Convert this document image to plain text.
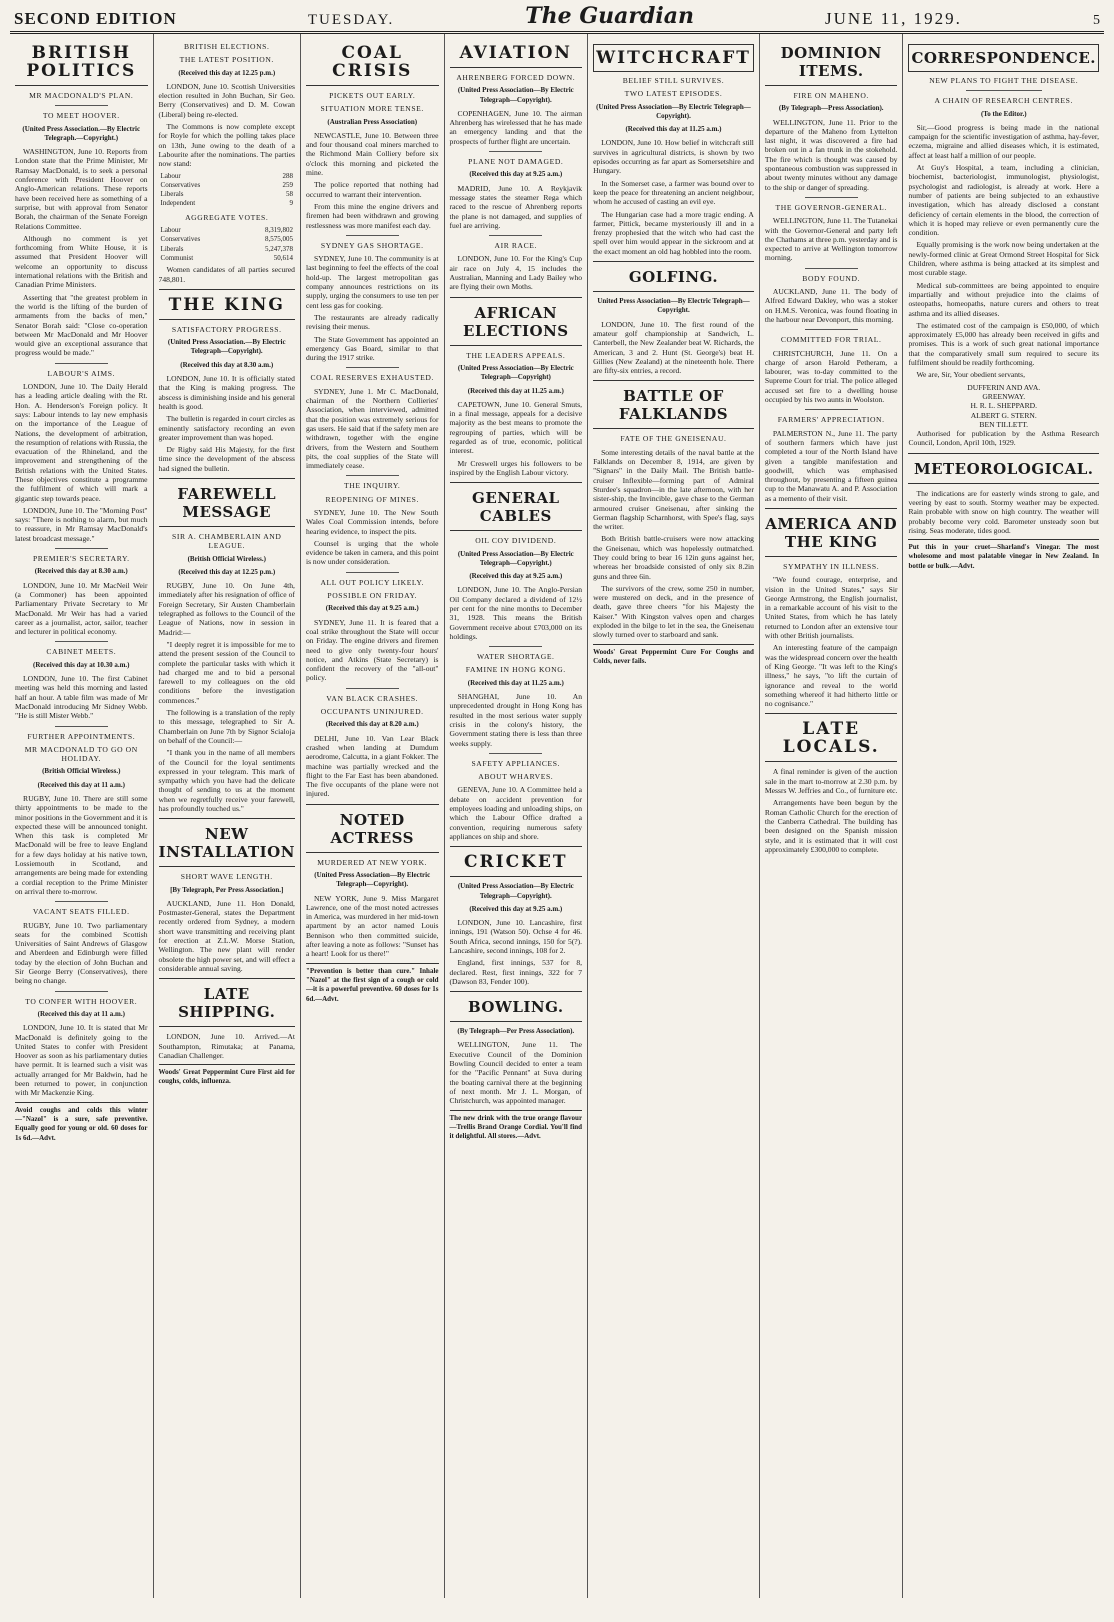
SECOND EDITION	TUESDAY.	The Guardian	JUNE 11, 1929.	5
BRITISH POLITICS
MR MACDONALD'S PLAN.
TO MEET HOOVER.
(United Press Association.—By Electric Telegraph.—Copyright.)

WASHINGTON, June 10. Reports from London state that the Prime Minister, Mr Ramsay MacDonald, is to seek a personal conference with President Hoover on Anglo-American relations. These reports have been received here as something of a surprise, but with approval from Senator Borah, the chairman of the Senate Foreign Relations Committee.

Although no comment is yet forthcoming from White House, it is assumed that President Hoover will welcome an opportunity to discuss international relations with the British and Canadian Prime Ministers.

Asserting that "the greatest problem in the world is the lifting of the burden of armaments from the backs of men," Senator Borah said: "Close co-operation between Mr MacDonald and Mr Hoover would give an exceptional assurance that progress would be made."

LABOUR'S AIMS.

LONDON, June 10. The Daily Herald has a leading article dealing with the Rt. Hon. A. Henderson's Foreign policy. It says: Labour intends to lay new emphasis on the importance of the League of Nations, the development of arbitration, the resumption of relations with Russia, the evacuation of the Rhineland, and the improvement and strengthening of the British relations with the United States. These objectives constitute a programme the fulfilment of which will mark a gigantic step towards peace.

LONDON, June 10. The "Morning Post" says: "There is nothing to alarm, but much to reassure, in Mr Ramsay MacDonald's latest broadcast message."

PREMIER'S SECRETARY.
(Received this day at 8.30 a.m.)

LONDON, June 10. Mr MacNeil Weir (a Commoner) has been appointed Parliamentary Private Secretary to Mr MacDonald. Mr Weir has had a varied career as a journalist, actor, sailor, teacher and lecturer in political economy.

CABINET MEETS.
(Received this day at 10.30 a.m.)

LONDON, June 10. The first Cabinet meeting was held this morning and lasted half an hour. A table film was made of Mr MacDonald introducing Mr Sidney Webb. "He is still Mister Webb."

FURTHER APPOINTMENTS.
MR MACDONALD TO GO ON HOLIDAY.
(British Official Wireless.)
(Received this day at 11 a.m.)

RUGBY, June 10. There are still some thirty appointments to be made to the minor positions in the Government and it is expected these will be announced tonight. When this task is completed Mr MacDonald will be free to leave England for a few days holiday at his native town, Lossiemouth in Scotland, and arrangements are being made for extending a cordial reception to the Prime Minister on arrival there to-morrow.

VACANT SEATS FILLED.

RUGBY, June 10. Two parliamentary seats for the combined Scottish Universities of Saint Andrews of Glasgow and Aberdeen and Edinburgh were filled today by the election of John Buchan and Sir George Berry (Conservatives), there being no change.

TO CONFER WITH HOOVER.
(Received this day at 11 a.m.)

LONDON, June 10. It is stated that Mr MacDonald is definitely going to the United States to confer with President Hoover as soon as his parliamentary duties have permit. It is learned such a visit was actually arranged for Mr Baldwin, had he been returned to power, in conjunction with Mr Mackenzie King.

Avoid coughs and colds this winter—"Nazol" is a sure, safe preventive. Equally good for young or old. 60 doses for 1s 6d.—Advt.

BRITISH ELECTIONS.
THE LATEST POSITION.
(Received this day at 12.25 p.m.)

LONDON, June 10. Scottish Universities election resulted in John Buchan, Sir Geo. Berry (Conservatives) and D. M. Cowan (Liberal) being re-elected.

The Commons is now complete except for Royle for which the polling takes place on 13th, June owing to the death of a Labourite after the nominations. The parties now stand:

Labour	288
Conservatives	259
Liberals	58
Independent	9
AGGREGATE VOTES.
Labour	8,319,802
Conservatives	8,575,005
Liberals	5,247,378
Communist	50,614

Women candidates of all parties secured 748,801.

THE KING
SATISFACTORY PROGRESS.
(United Press Association.—By Electric Telegraph—Copyright).
(Received this day at 8.30 a.m.)

LONDON, June 10. It is officially stated that the King is making progress. The abscess is diminishing inside and his general health is good.

The bulletin is regarded in court circles as eminently satisfactory recording an even greater improvement than was hoped.

Dr Rigby said His Majesty, for the first time since the development of the abscess had signed the bulletin.

FAREWELL MESSAGE
SIR A. CHAMBERLAIN AND LEAGUE.
(British Official Wireless.)
(Received this day at 12.25 p.m.)

RUGBY, June 10. On June 4th, immediately after his resignation of office of Foreign Secretary, Sir Austen Chamberlain telegraphed as follows to the Council of the League of Nations, now in session in Madrid:—

"I deeply regret it is impossible for me to attend the present session of the Council to complete the particular tasks with which it had charged me and to bid a personal farewell to my colleagues on the old conditions before the investigation commences."

The following is a translation of the reply to this message, telegraphed to Sir A. Chamberlain on June 7th by Signor Scialoja on behalf of the Council:—

"I thank you in the name of all members of the Council for the loyal sentiments expressed in your telegram. This mark of sympathy which you have had the delicate thought of sending to us at the moment when we regretfully receive your farewell, has profoundly touched us."

NEW INSTALLATION
SHORT WAVE LENGTH.
[By Telegraph, Per Press Association.]

AUCKLAND, June 11. Hon Donald, Postmaster-General, states the Department recently ordered from Sydney, a modern short wave transmitting and receiving plant for erection at Z.L.W. Morse Station, Wellington. The new plant will render obsolete the high power set, and will effect a considerable annual saving.

LATE SHIPPING.

LONDON, June 10. Arrived.—At Southampton, Rimutaka; at Panama, Canadian Challenger.

Woods' Great Peppermint Cure First aid for coughs, colds, influenza.

COAL CRISIS
PICKETS OUT EARLY.
SITUATION MORE TENSE.
(Australian Press Association)

NEWCASTLE, June 10. Between three and four thousand coal miners marched to the Richmond Main Colliery before six o'clock this morning and picketed the mine.

The police reported that nothing had occurred to warrant their intervention.

From this mine the engine drivers and firemen had been withdrawn and growing restlessness was more manifest each day.

SYDNEY GAS SHORTAGE.

SYDNEY, June 10. The community is at last beginning to feel the effects of the coal hold-up. The largest metropolitan gas company announces restrictions on its supply, urging the consumers to use ten per cent less gas for cooking.

The restaurants are already radically revising their menus.

The State Government has appointed an emergency Gas Board, similar to that during the 1917 strike.

COAL RESERVES EXHAUSTED.

SYDNEY, June 1. Mr C. MacDonald, chairman of the Northern Collieries' Association, when interviewed, admitted that the position was extremely serious for gas users. He said that if the safety men are withdrawn, together with the engine drivers, from the Western and Southern pits, the coal supplies of the State will immediately cease.

THE INQUIRY.
REOPENING OF MINES.

SYDNEY, June 10. The New South Wales Coal Commission intends, before hearing evidence, to inspect the pits.

Counsel is urging that the whole evidence be taken in camera, and this point is now under consideration.

ALL OUT POLICY LIKELY.
POSSIBLE ON FRIDAY.
(Received this day at 9.25 a.m.)

SYDNEY, June 11. It is feared that a coal strike throughout the State will occur on Friday. The engine drivers and firemen need to give only twenty-four hours' notice, and Atkins (State Secretary) is confident the recovery of the "all-out" policy.

VAN BLACK CRASHES.
OCCUPANTS UNINJURED.
(Received this day at 8.20 a.m.)

DELHI, June 10. Van Lear Black crashed when landing at Dumdum aerodrome, Calcutta, in a giant Fokker. The machine was partially wrecked and the flight to the Far East has been abandoned. The five occupants of the plane were not injured.

NOTED ACTRESS
MURDERED AT NEW YORK.
(United Press Association—By Electric Telegraph—Copyright).

NEW YORK, June 9. Miss Margaret Lawrence, one of the most noted actresses in America, was murdered in her mid-town apartment by an actor named Louis Bennison who then committed suicide, after leaving a note as follows: "Sunset has a heart! Look for us there!"

"Prevention is better than cure." Inhale "Nazol" at the first sign of a cough or cold—it is a powerful preventive. 60 doses for 1s 6d.—Advt.

AVIATION
AHRENBERG FORCED DOWN.
(United Press Association—By Electric Telegraph—Copyright).

COPENHAGEN, June 10. The airman Ahrenberg has wirelessed that he has made an emergency landing and that the prospects of further flight are uncertain.

PLANE NOT DAMAGED.
(Received this day at 9.25 a.m.)

MADRID, June 10. A Reykjavik message states the steamer Rega which raced to the rescue of Ahrenberg reports the plane is not damaged, and supplies of fuel are arriving.

AIR RACE.

LONDON, June 10. For the King's Cup air race on July 4, 15 includes the Australian, Manning and Lady Bailey who are flying their own Moths.

AFRICAN ELECTIONS
THE LEADERS APPEALS.
(United Press Association—By Electric Telegraph—Copyright)
(Received this day at 11.25 a.m.)

CAPETOWN, June 10. General Smuts, in a final message, appeals for a decisive majority as the best means to promote the regrouping of parties, which will be regarded as of true, economic, political interest.

Mr Creswell urges his followers to be inspired by the English Labour victory.

GENERAL CABLES
OIL COY DIVIDEND.
(United Press Association—By Electric Telegraph—Copyright.)
(Received this day at 9.25 a.m.)

LONDON, June 10. The Anglo-Persian Oil Company declared a dividend of 12½ per cent for the nine months to December 31, 1928. This means the British Government receive about £703,000 on its holdings.

WATER SHORTAGE.
FAMINE IN HONG KONG.
(Received this day at 11.25 a.m.)

SHANGHAI, June 10. An unprecedented drought in Hong Kong has resulted in the most serious water supply crisis in the colony's history, the Government stating there is less than three weeks supply.

SAFETY APPLIANCES.
ABOUT WHARVES.

GENEVA, June 10. A Committee held a debate on accident prevention for employees loading and unloading ships, on which the Labour Office drafted a convention, requiring numerous safety appliances on ship and shore.

CRICKET
(United Press Association—By Electric Telegraph—Copyright).
(Received this day at 9.25 a.m.)

LONDON, June 10. Lancashire, first innings, 191 (Watson 50). Ochse 4 for 46. South Africa, second innings, 150 for 5(?). Lancashire, second innings, 108 for 2.

England, first innings, 537 for 8, declared. Rest, first innings, 322 for 7 (Dawson 83, Fender 100).

BOWLING.
(By Telegraph—Per Press Association).

WELLINGTON, June 11. The Executive Council of the Dominion Bowling Council decided to enter a team for the "Pacific Pennant" at Suva during the boating carnival there at the beginning of next month. Mr J. L. Morgan, of Christchurch, was appointed manager.

The new drink with the true orange flavour—Trellis Brand Orange Cordial. You'll find it delightful. All stores.—Advt.

WITCHCRAFT
BELIEF STILL SURVIVES.
TWO LATEST EPISODES.
(United Press Association—By Electric Telegraph—Copyright).
(Received this day at 11.25 a.m.)

LONDON, June 10. How belief in witchcraft still survives in agricultural districts, is shown by two episodes occurring as far apart as Somersetshire and Hungary.

In the Somerset case, a farmer was bound over to keep the peace for threatening an ancient neighbour, whom he accused of casting an evil eye.

The Hungarian case had a more tragic ending. A farmer, Pittick, became mysteriously ill and in a frenzy prophesied that the witch who had cast the spell over him would appear in the sickroom and at the exact moment an old hag hobbled into the room.

GOLFING.
United Press Association—By Electric Telegraph—Copyright.

LONDON, June 10. The first round of the amateur golf championship at Sandwich, L. Canterbell, the New Zealander beat W. Richards, the American, 3 and 2. Hunt (St. George's) beat H. Gillies (New Zealand) at the nineteenth hole. There are fifty-six entries, a record.

BATTLE OF FALKLANDS
FATE OF THE GNEISENAU.

Some interesting details of the naval battle at the Falklands on December 8, 1914, are given by "Signars" in the Daily Mail. The British battle-cruiser Inflexible—forming part of Admiral Sturdee's squadron—in the late afternoon, with her sister-ship, the Invincible, gave chase to the German armoured cruiser Gneisenau, after sinking the German flagship Scharnhorst, with Spee's flag, says the writer.

Both British battle-cruisers were now attacking the Gneisenau, which was hopelessly outmatched. They could bring to bear 16 12in guns against her, whereas her broadside consisted of only six 8.2in guns and three 6in.

The survivors of the crew, some 250 in number, were mustered on deck, and in the presence of death, gave three cheers "for his Majesty the Kaiser." With Kingston valves open and charges exploded in the bilge to let in the sea, the Gneisenau slowly turned over to starboard and sank.

Woods' Great Peppermint Cure For Coughs and Colds, never fails.

DOMINION ITEMS.
FIRE ON MAHENO.
(By Telegraph—Press Association).

WELLINGTON, June 11. Prior to the departure of the Maheno from Lyttelton last night, it was discovered a fire had broken out in a fan trunk in the stokehold. The fire which is thought was caused by spontaneous combustion was suppressed in about twenty minutes without any damage to the ship or danger of spreading.

THE GOVERNOR-GENERAL.

WELLINGTON, June 11. The Tutanekai with the Governor-General and party left the Chathams at three p.m. yesterday and is expected to arrive at Wellington tomorrow morning.

BODY FOUND.

AUCKLAND, June 11. The body of Alfred Edward Dakley, who was a stoker on H.M.S. Veronica, was found floating in the harbour near Devonport, this morning.

COMMITTED FOR TRIAL.

CHRISTCHURCH, June 11. On a charge of arson Harold Petheram, a labourer, was to-day committed to the Supreme Court for trial. The police alleged accused set fire to a dwelling house occupied by his two aunts in Woolston.

FARMERS' APPRECIATION.

PALMERSTON N., June 11. The party of southern farmers which have just completed a tour of the North Island have given a tangible manifestation and goodwill, which was emphasised throughout, by presenting a fifteen guinea cup to the Manawatu A. and P. Association as a memento of their visit.

AMERICA AND THE KING
SYMPATHY IN ILLNESS.

"We found courage, enterprise, and vision in the United States," says Sir George Armstrong, the English journalist, in a remarkable account of his visit to the United States, from which he has lately returned to London after an extensive tour with other British journalists.

An interesting feature of the campaign was the widespread concern over the health of King George. "It was left to the King's illness," he says, "to lift the curtain of ignorance and reveal to the world something whereof it had hitherto little or no cognisance."

LATE LOCALS.

A final reminder is given of the auction sale in the mart to-morrow at 2.30 p.m. by Messrs W. Jeffries and Co., of furniture etc.

Arrangements have been begun by the Roman Catholic Church for the erection of the Canberra Cathedral. The building has been designed on the Spanish mission style, and it is estimated that it will cost approximately £300,000 to complete.

CORRESPONDENCE.
NEW PLANS TO FIGHT THE DISEASE.
A CHAIN OF RESEARCH CENTRES.
(To the Editor.)

Sir,—Good progress is being made in the national campaign for the scientific investigation of asthma, hay-fever, eczema, migraine and allied diseases which, it is estimated, affect at least half a million of our people.

At Guy's Hospital, a team, including a clinician, biochemist, bacteriologist, immunologist, physiologist, psychologist and radiologist, is already at work. Here a number of patients are being subjected to an exhaustive investigation, which has already disclosed a constant deficiency of certain elements in the blood, the correction of which it is hoped may relieve or even permanently cure the condition.

Equally promising is the work now being undertaken at the newly-formed clinic at Great Ormond Street Hospital for Sick Children, where asthma is being attacked at its simplest and most curable stage.

Medical sub-committees are being appointed to enquire impartially and without prejudice into the claims of osteopaths, homeopaths, nature curers and others to treat asthma and its allied diseases.

The estimated cost of the campaign is £50,000, of which approximately £5,000 has already been received in gifts and promises. This is a work of such great national importance that the comparatively small sum required to secure its fulfilment should be readily forthcoming.

We are, Sir, Your obedient servants,

DUFFERIN AND AVA.

GREENWAY.

H. R. L. SHEPPARD.

ALBERT G. STERN.

BEN TILLETT.

Authorised for publication by the Asthma Research Council, London, April 10th, 1929.

METEOROLOGICAL.

The indications are for easterly winds strong to gale, and veering by east to south. Stormy weather may be expected. Rain probable with snow on high country. The weather will probably become very cold. Barometer unsteady soon but rising. Seas moderate, tides good.

Put this in your cruet—Sharland's Vinegar. The most wholesome and most palatable vinegar in New Zealand. In bottle or bulk.—Advt.
